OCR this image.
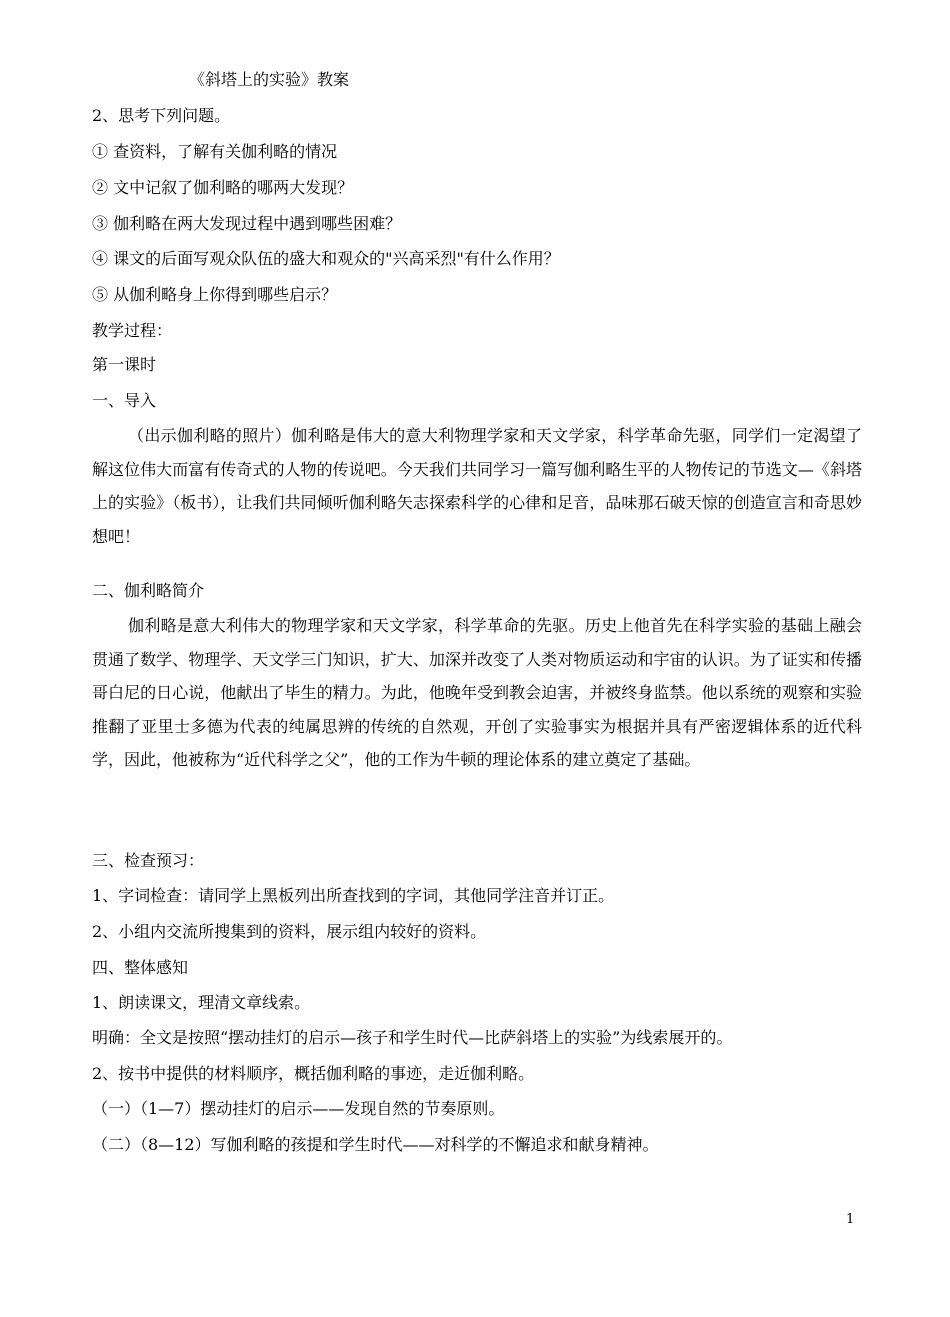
《斜塔上的实验》教案
2、思考下列问题。
① 查资料，了解有关伽利略的情况
② 文中记叙了伽利略的哪两大发现？
③ 伽利略在两大发现过程中遇到哪些困难？
④ 课文的后面写观众队伍的盛大和观众的"兴高采烈"有什么作用？
⑤ 从伽利略身上你得到哪些启示？
教学过程：
第一课时
一、导入
（出示伽利略的照片）伽利略是伟大的意大利物理学家和天文学家，科学革命先驱，同学们一定渴望了解这位伟大而富有传奇式的人物的传说吧。今天我们共同学习一篇写伽利略生平的人物传记的节选文—《斜塔上的实验》（板书），让我们共同倾听伽利略矢志探索科学的心律和足音，品味那石破天惊的创造宣言和奇思妙想吧！
二、伽利略简介
伽利略是意大利伟大的物理学家和天文学家，科学革命的先驱。历史上他首先在科学实验的基础上融会贯通了数学、物理学、天文学三门知识，扩大、加深并改变了人类对物质运动和宇宙的认识。为了证实和传播哥白尼的日心说，他献出了毕生的精力。为此，他晚年受到教会迫害，并被终身监禁。他以系统的观察和实验推翻了亚里士多德为代表的纯属思辨的传统的自然观，开创了实验事实为根据并具有严密逻辑体系的近代科学，因此，他被称为“近代科学之父”，他的工作为牛顿的理论体系的建立奠定了基础。
三、检查预习：
1、字词检查：请同学上黑板列出所查找到的字词，其他同学注音并订正。
2、小组内交流所搜集到的资料，展示组内较好的资料。
四、整体感知
1、朗读课文，理清文章线索。
明确：全文是按照“摆动挂灯的启示—孩子和学生时代—比萨斜塔上的实验”为线索展开的。
2、按书中提供的材料顺序，概括伽利略的事迹，走近伽利略。
（一）（1—7）摆动挂灯的启示——发现自然的节奏原则。
（二）（8—12）写伽利略的孩提和学生时代——对科学的不懈追求和献身精神。
1
